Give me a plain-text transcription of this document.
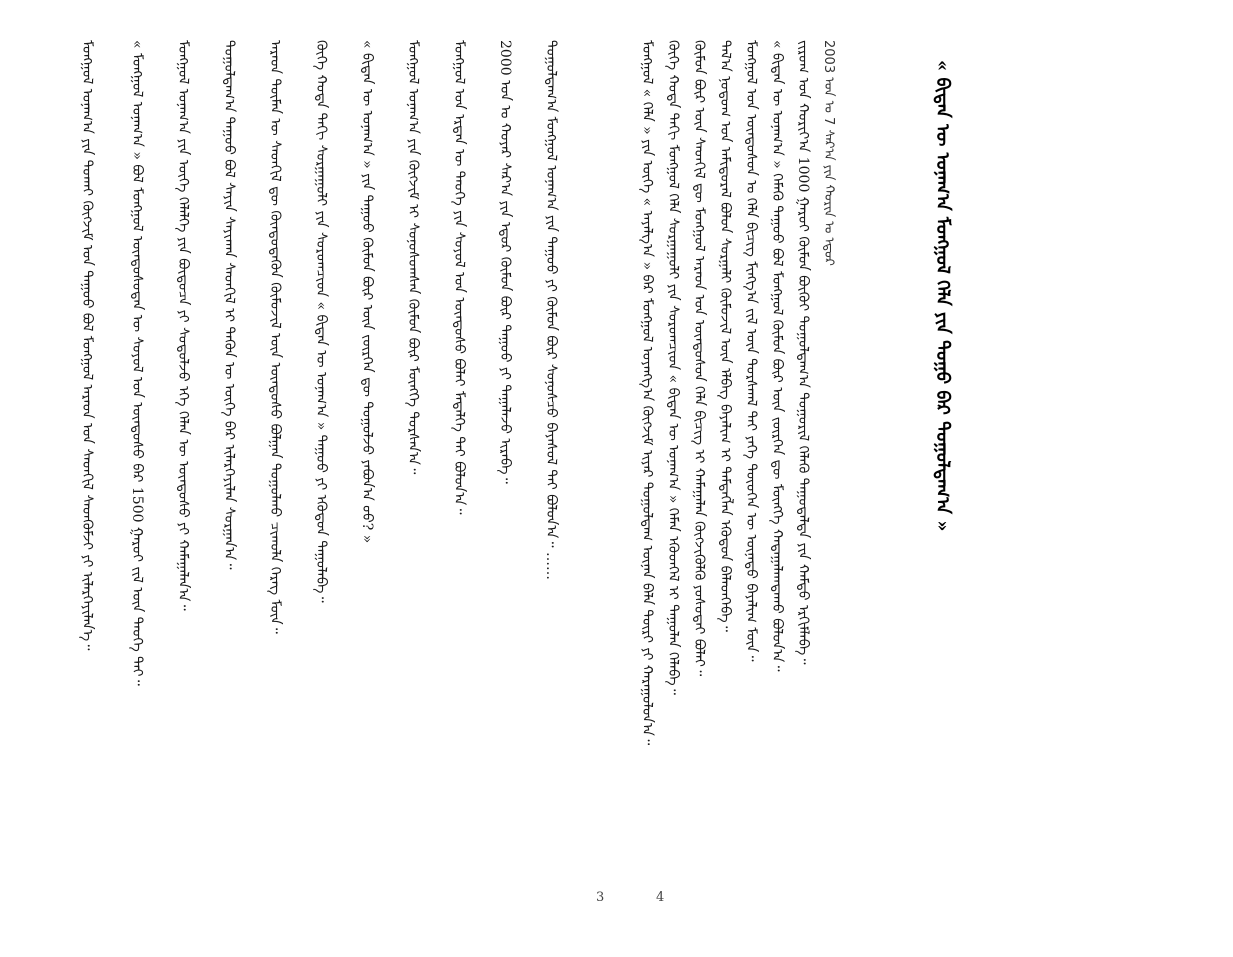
« ᠪᠢᠳᠡᠨ ᠦ ᠤᠨᠠᠭ᠎ᠠ ᠮᠣᠩᠭᠣᠯ ᠬᠡᠯᠡ ᠶᠢᠨ ᠳᠤᠭᠤ ᠪᠠᠷ ᠲᠣᠭᠣᠯᠳᠠᠭ᠎ᠠ »
ᠮᠣᠩᠭᠣᠯ « ᠬᠡᠯᠡ » ᠶᠢᠨ ᠦᠭᠡ « ᠠᠶᠠᠯᠭ᠎ᠠ » ᠪᠠᠷ ᠮᠣᠩᠭᠣᠯ ᠤᠶᠠᠩᠭ᠎ᠠ ᠬᠥᠭᠵᠢᠮ ᠢᠶᠡᠷ ᠲᠣᠭᠣᠯᠳᠠᠭ ᠦᠨᠡᠨ ᠪᠡᠯᠡ ᠳᠦᠷᠢ ᠶᠢ ᠬᠠᠷᠠᠭᠤᠯᠤᠨ᠎ᠠ᠃ ᠬᠥᠬᠡ ᠬᠣᠳᠠ ᠳᠠᠬᠢ ᠮᠣᠩᠭᠣᠯ ᠬᠡᠯᠡ ᠰᠤᠷᠭᠠᠭᠤᠯᠢ ᠶᠢᠨ ᠰᠤᠷᠤᠭᠴᠢᠳ « ᠪᠢᠳᠡᠨ ᠦ ᠤᠨᠠᠭ᠎ᠠ » ᠬᠡᠮᠡᠨ ᠡᠭᠦᠳᠬᠡᠯ ᠢ ᠳᠠᠭᠤᠯᠠᠨ ᠬᠡᠯᠡᠪᠡ᠃ ᠬᠦᠮᠦᠨ ᠪᠦᠷ ᠦᠨ ᠰᠡᠳᠭᠢᠯ ᠳᠦ ᠮᠣᠩᠭᠣᠯ ᠠᠷᠠᠳ ᠤᠨ ᠦᠨᠳᠦᠰᠦᠨ ᠬᠡᠯᠡ ᠪᠢᠴᠢᠭ ᠢ ᠬᠠᠮᠠᠭᠠᠯᠠᠨ ᠬᠥᠭᠵᠢᠭᠦᠯᠬᠦ ᠶᠣᠰᠣᠲᠠᠢ ᠪᠣᠯᠠᠢ᠃ ᠲᠠᠯ᠎ᠠ ᠨᠤᠲᠤᠭ ᠤᠨ ᠠᠮᠢᠳᠤᠷᠠᠯ ᠪᠣᠯᠣᠨ ᠰᠤᠷᠭᠠᠯᠢ ᠬᠦᠮᠦᠵᠢᠯ ᠦᠨ ᠡᠯᠪᠡᠭ ᠪᠠᠶᠠᠯᠢᠭ ᠢ ᠲᠡᠮᠳᠡᠭᠯᠡᠨ ᠡᠭᠦᠳᠦᠨ ᠪᠡᠯᠡᠳᠬᠡᠪᠡ᠃ ᠮᠣᠩᠭᠣᠯ ᠤᠨ ᠦᠨᠳᠦᠰᠦᠨ ᠤ ᠬᠡᠯᠡ ᠪᠢᠴᠢᠭ ᠮᠢᠩᠭ᠎ᠠ ᠵᠢᠯ ᠦᠨ ᠳᠤᠷᠰᠬᠠᠯ ᠲᠠᠢ ᠶᠡᠬᠡ ᠲᠦᠦᠬᠡᠨ ᠦ ᠦᠨᠡᠲᠦ ᠪᠠᠶᠠᠯᠢᠭ ᠮᠥᠨ᠃ « ᠪᠢᠳᠡᠨ ᠦ ᠤᠨᠠᠭ᠎ᠠ » ᠬᠡᠮᠡᠬᠦ ᠳᠠᠭᠤᠤ ᠪᠣᠯ ᠮᠣᠩᠭᠣᠯ ᠬᠦᠮᠦᠨ ᠪᠦᠷ ᠦᠨ ᠵᠦᠷᠬᠡᠨ ᠳᠦ ᠮᠥᠩᠬᠡ ᠬᠠᠳᠠᠭᠠᠯᠠᠭᠳᠠᠬᠤ ᠪᠣᠯᠤᠨ᠎ᠠ᠃ ᠵᠢᠷᠤᠭ ᠤᠨ ᠬᠣᠷᠢᠶ᠎ᠠ 1000 ᠭᠠᠷᠤᠢ ᠬᠦᠮᠦᠨ ᠪᠦᠬᠦᠢ ᠲᠣᠭᠣᠯᠳᠠᠭ᠎ᠠ ᠲᠣᠭᠤᠷᠢᠯ ᠬᠡᠯᠡᠬᠦ ᠳᠠᠭᠤᠳᠠᠯᠲᠠ ᠶᠢᠨ ᠬᠠᠮᠲᠤ ᠡᠷᠬᠢᠮᠯᠡᠪᠡ᠃ 2003 ᠣᠨ ᠤ 7 ᠰᠠᠷ᠎ᠠ ᠶᠢᠨ ᠬᠣᠷᠢᠨ ᠤ ᠡᠳᠦᠷ
4
ᠮᠣᠩᠭᠣᠯ ᠤᠨᠠᠭ᠎ᠠ ᠶᠢᠨ ᠲᠤᠬᠠᠢ ᠬᠥᠭᠵᠢᠮ ᠤᠨ ᠳᠠᠭᠤᠤ ᠪᠣᠯ ᠮᠣᠩᠭᠣᠯ ᠠᠷᠠᠳ ᠤᠨ ᠰᠡᠳᠭᠢᠯ ᠰᠡᠳᠬᠦᠮᠵᠢ ᠶᠢ ᠢᠯᠡᠷᠬᠡᠶᠢᠯᠡᠨ᠎ᠡ᠃ « ᠮᠣᠩᠭᠣᠯ ᠤᠨᠠᠭ᠎ᠠ » ᠪᠣᠯ ᠮᠣᠩᠭᠣᠯ ᠦᠨᠳᠦᠰᠦᠲᠡᠨ ᠦ ᠰᠣᠶᠣᠯ ᠤᠨ ᠦᠨᠳᠦᠰᠦ ᠪᠠᠷ 1500 ᠭᠠᠷᠤᠢ ᠵᠢᠯ ᠦᠨ ᠲᠡᠦᠬᠡ ᠲᠠᠢ᠃ ᠮᠣᠩᠭᠣᠯ ᠤᠨᠠᠭ᠎ᠠ ᠶᠢᠨ ᠦᠭᠡ ᠬᠡᠯᠡᠯᠭᠡ ᠶᠢᠨ ᠪᠦᠲᠦᠴᠡ ᠶᠢ ᠰᠤᠳᠤᠯᠵᠤ ᠡᠬᠡ ᠬᠡᠯᠡᠨ ᠦ ᠦᠨᠳᠦᠰᠦ ᠶᠢ ᠬᠠᠮᠠᠭᠠᠯᠠᠨ᠎ᠠ᠃ ᠲᠣᠭᠣᠯᠳᠠᠭ᠎ᠠ ᠳᠠᠭᠤᠤ ᠪᠣᠯ ᠰᠠᠶᠢᠨ ᠰᠠᠶᠢᠬᠠᠨ ᠰᠡᠳᠬᠢᠯ ᠢ ᠲᠡᠭᠦᠨ ᠦ ᠦᠭᠡ ᠪᠠᠷ ᠢᠯᠡᠷᠬᠡᠶᠢᠯᠡᠨ ᠰᠤᠷᠭᠠᠨ᠎ᠠ᠃ ᠠᠷᠠᠳ ᠲᠦᠮᠡᠨ ᠦ ᠰᠡᠳᠬᠢᠯ ᠳᠦ ᠬᠦᠨᠳᠦᠳᠡᠭᠦᠨ ᠬᠦᠮᠦᠵᠢᠯ ᠦᠨ ᠦᠨᠳᠦᠰᠦ ᠪᠣᠯᠭᠠᠨ ᠲᠤᠭᠤᠯᠬᠤ ᠴᠢᠬᠤᠯᠠ ᠬᠡᠷᠡᠭ ᠮᠥᠨ᠃ ᠬᠥᠬᠡ ᠬᠣᠳᠠ ᠳᠠᠬᠢ ᠰᠤᠷᠭᠠᠭᠤᠯᠢ ᠶᠢᠨ ᠰᠤᠷᠤᠭᠴᠢᠳ « ᠪᠢᠳᠡᠨ ᠦ ᠤᠨᠠᠭ᠎ᠠ » ᠳᠠᠭᠤᠤ ᠶᠢ ᠡᠭᠦᠳᠦᠨ ᠳᠠᠭᠤᠯᠠᠪᠠ᠃ « ᠪᠢᠳᠡᠨ ᠦ ᠤᠨᠠᠭ᠎ᠠ » ᠶᠢᠨ ᠳᠠᠭᠤᠤ ᠬᠦᠮᠦᠨ ᠪᠦᠷ ᠦᠨ ᠵᠦᠷᠬᠡᠨ ᠳᠦ ᠲᠤᠭᠤᠯᠵᠤ ᠶᠠᠪᠤᠨ᠎ᠠ ᠤᠤ? » ᠮᠣᠩᠭᠣᠯ ᠤᠨᠠᠭ᠎ᠠ ᠶᠢᠨ ᠬᠥᠭᠵᠢᠮ ᠢ ᠰᠣᠨᠤᠰᠤᠭᠰᠠᠨ ᠬᠦᠮᠦᠨ ᠪᠦᠷ ᠮᠥᠩᠬᠡ ᠳᠤᠷᠰᠠᠨ᠎ᠠ᠃ ᠮᠣᠩᠭᠣᠯ ᠤᠨ ᠡᠷᠲᠡᠨ ᠦ ᠲᠡᠦᠬᠡ ᠶᠢᠨ ᠰᠣᠶᠣᠯ ᠤᠨ ᠦᠨᠳᠦᠰᠦ ᠪᠣᠯᠠᠢ ᠮᠡᠳᠡᠯᠭᠡ ᠲᠠᠢ ᠪᠣᠯᠤᠨ᠎ᠠ᠃ 2000 ᠣᠨ ᠤ ᠬᠣᠶᠠᠷ ᠰᠠᠷ᠎ᠠ ᠶᠢᠨ ᠡᠳᠦᠷ ᠬᠦᠮᠦᠨ ᠪᠦᠷ ᠳᠠᠭᠤᠤ ᠶᠢ ᠲᠠᠭᠠᠯᠠᠵᠤ ᠢᠷᠡᠪᠡ᠃ ᠲᠣᠭᠣᠯᠳᠠᠭ᠎ᠠ ᠮᠣᠩᠭᠣᠯ ᠤᠨᠠᠭ᠎ᠠ ᠶᠢᠨ ᠳᠠᠭᠤᠤ ᠶᠢ ᠬᠦᠮᠦᠨ ᠪᠦᠷ ᠰᠣᠨᠤᠰᠴᠤ ᠪᠠᠶᠠᠰᠤᠯ ᠲᠠᠢ ᠪᠣᠯᠤᠨ᠎ᠠ᠃ ……
3
